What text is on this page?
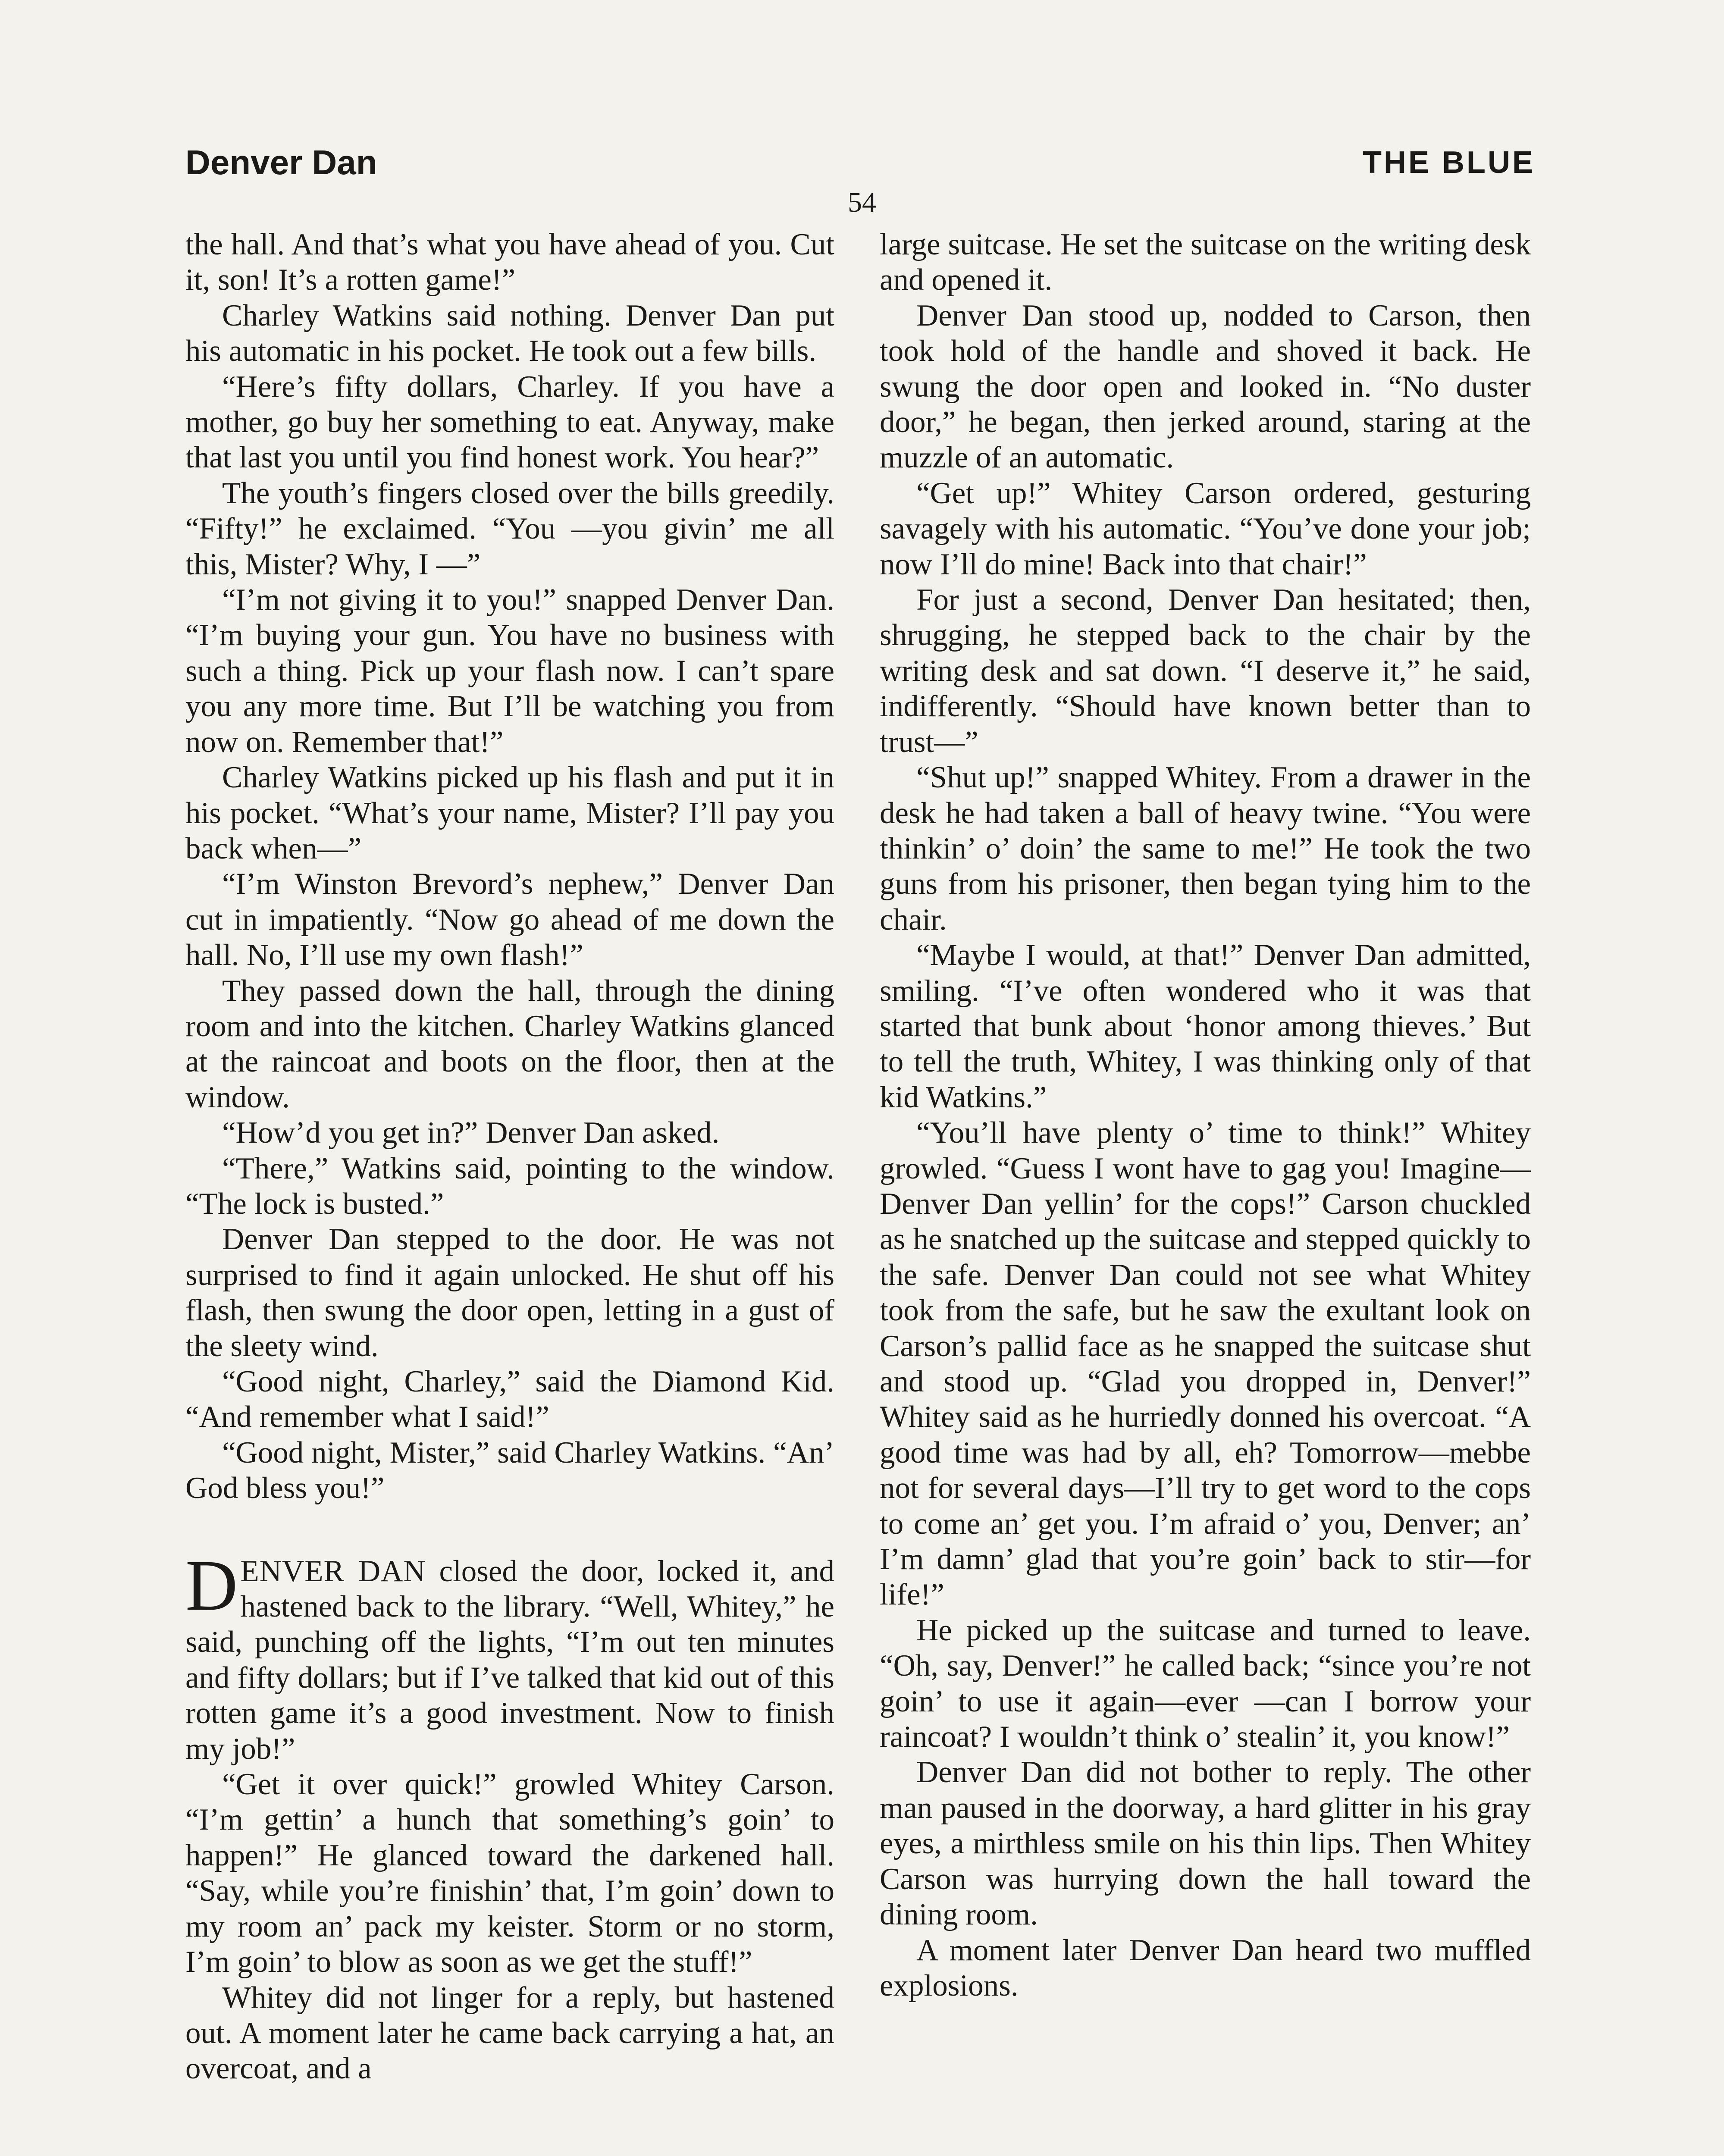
Denver Dan	THE BLUE
54

the hall. And that’s what you have ahead of you. Cut it, son! It’s a rotten game!”

Charley Watkins said nothing. Denver Dan put his automatic in his pocket. He took out a few bills.

“Here’s fifty dollars, Charley. If you have a mother, go buy her something to eat. Anyway, make that last you until you find honest work. You hear?”

The youth’s fingers closed over the bills greedily. “Fifty!” he exclaimed. “You —you givin’ me all this, Mister? Why, I —”

“I’m not giving it to you!” snapped Denver Dan. “I’m buying your gun. You have no business with such a thing. Pick up your flash now. I can’t spare you any more time. But I’ll be watching you from now on. Remember that!”

Charley Watkins picked up his flash and put it in his pocket. “What’s your name, Mister? I’ll pay you back when—”

“I’m Winston Brevord’s nephew,” Denver Dan cut in impatiently. “Now go ahead of me down the hall. No, I’ll use my own flash!”

They passed down the hall, through the dining room and into the kitchen. Charley Watkins glanced at the raincoat and boots on the floor, then at the window.

“How’d you get in?” Denver Dan asked.

“There,” Watkins said, pointing to the window. “The lock is busted.”

Denver Dan stepped to the door. He was not surprised to find it again unlocked. He shut off his flash, then swung the door open, letting in a gust of the sleety wind.

“Good night, Charley,” said the Diamond Kid. “And remember what I said!”

“Good night, Mister,” said Charley Watkins. “An’ God bless you!”

DENVER DAN closed the door, locked it, and hastened back to the library. “Well, Whitey,” he said, punching off the lights, “I’m out ten minutes and fifty dollars; but if I’ve talked that kid out of this rotten game it’s a good investment. Now to finish my job!”

“Get it over quick!” growled Whitey Carson. “I’m gettin’ a hunch that something’s goin’ to happen!” He glanced toward the darkened hall. “Say, while you’re finishin’ that, I’m goin’ down to my room an’ pack my keister. Storm or no storm, I’m goin’ to blow as soon as we get the stuff!”

Whitey did not linger for a reply, but hastened out. A moment later he came back carrying a hat, an overcoat, and a

large suitcase. He set the suitcase on the writing desk and opened it.

Denver Dan stood up, nodded to Carson, then took hold of the handle and shoved it back. He swung the door open and looked in. “No duster door,” he began, then jerked around, staring at the muzzle of an automatic.

“Get up!” Whitey Carson ordered, gesturing savagely with his automatic. “You’ve done your job; now I’ll do mine! Back into that chair!”

For just a second, Denver Dan hesitated; then, shrugging, he stepped back to the chair by the writing desk and sat down. “I deserve it,” he said, indifferently. “Should have known better than to trust—”

“Shut up!” snapped Whitey. From a drawer in the desk he had taken a ball of heavy twine. “You were thinkin’ o’ doin’ the same to me!” He took the two guns from his prisoner, then began tying him to the chair.

“Maybe I would, at that!” Denver Dan admitted, smiling. “I’ve often wondered who it was that started that bunk about ‘honor among thieves.’ But to tell the truth, Whitey, I was thinking only of that kid Watkins.”

“You’ll have plenty o’ time to think!” Whitey growled. “Guess I wont have to gag you! Imagine—Denver Dan yellin’ for the cops!” Carson chuckled as he snatched up the suitcase and stepped quickly to the safe. Denver Dan could not see what Whitey took from the safe, but he saw the exultant look on Carson’s pallid face as he snapped the suitcase shut and stood up. “Glad you dropped in, Denver!” Whitey said as he hurriedly donned his overcoat. “A good time was had by all, eh? Tomorrow—mebbe not for several days—I’ll try to get word to the cops to come an’ get you. I’m afraid o’ you, Denver; an’ I’m damn’ glad that you’re goin’ back to stir—for life!”

He picked up the suitcase and turned to leave. “Oh, say, Denver!” he called back; “since you’re not goin’ to use it again—ever —can I borrow your raincoat? I wouldn’t think o’ stealin’ it, you know!”

Denver Dan did not bother to reply. The other man paused in the doorway, a hard glitter in his gray eyes, a mirthless smile on his thin lips. Then Whitey Carson was hurrying down the hall toward the dining room.

A moment later Denver Dan heard two muffled explosions.
